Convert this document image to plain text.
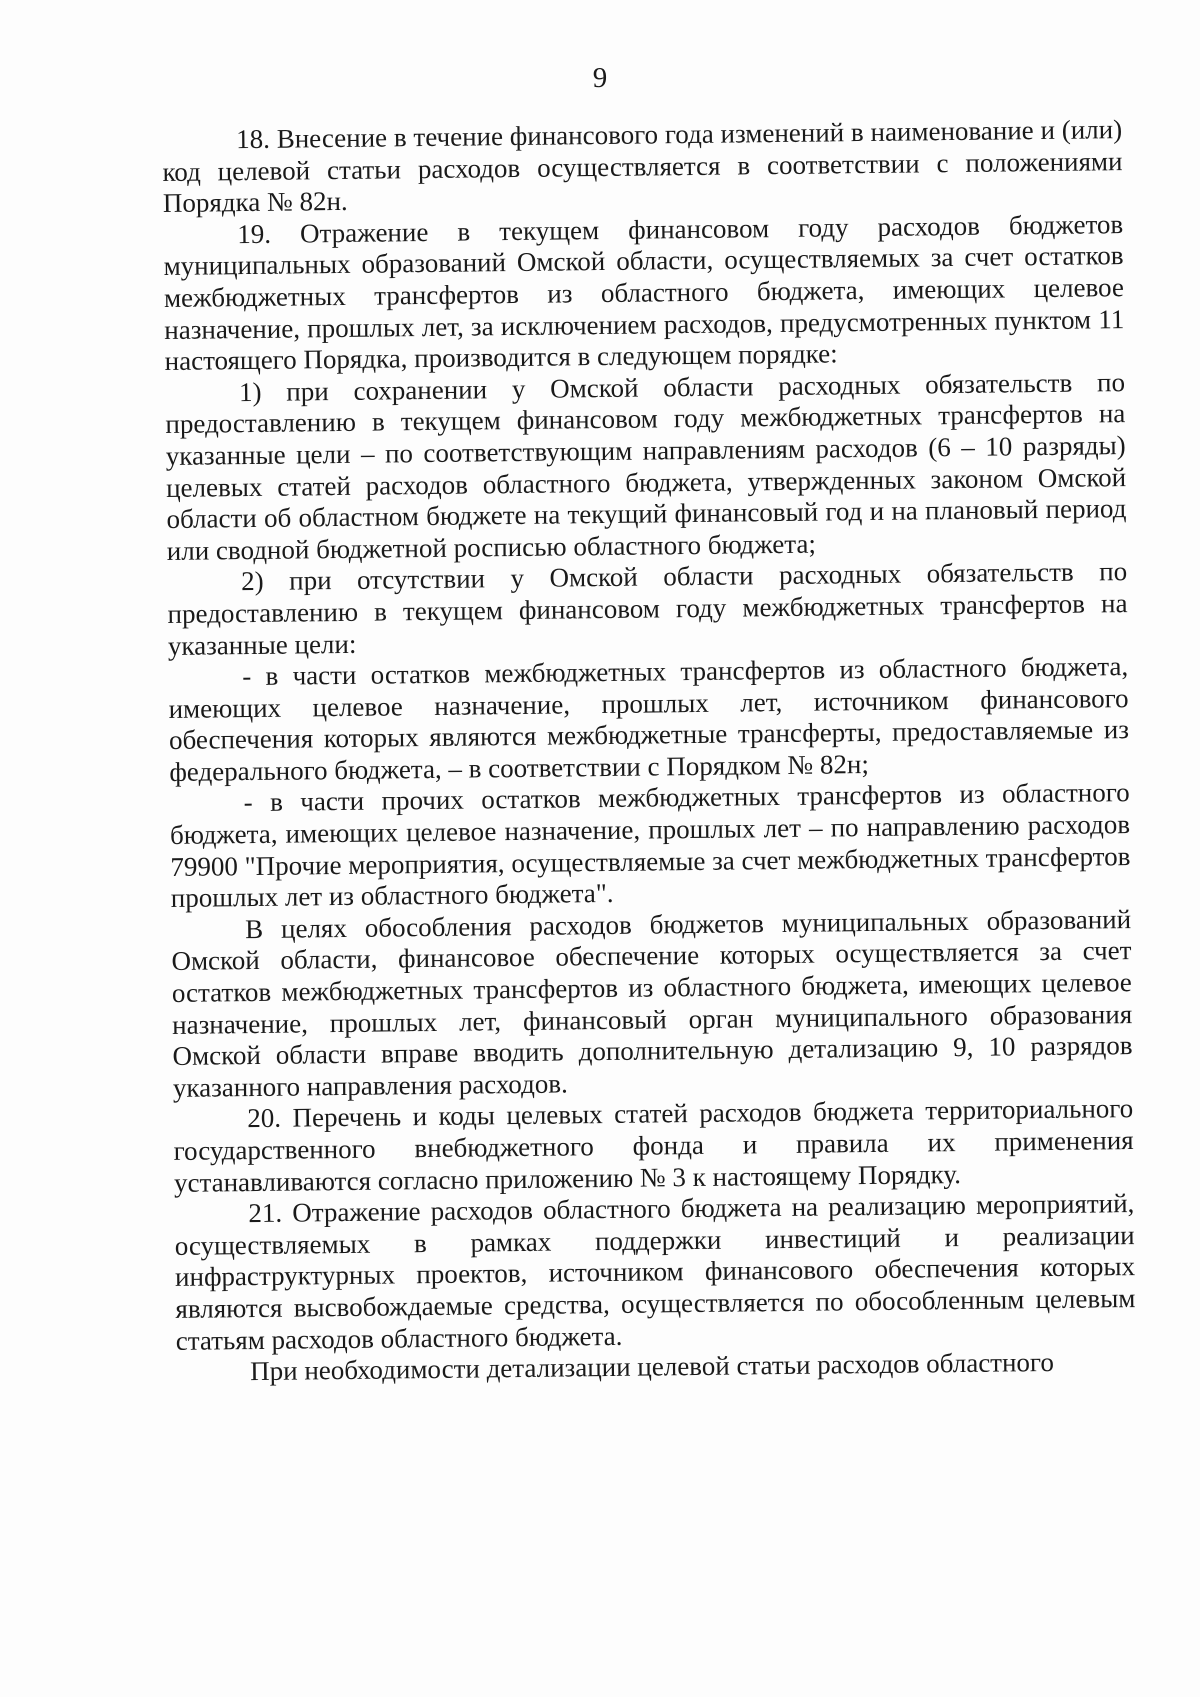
9

18. Внесение в течение финансового года изменений в наименование и (или) код целевой статьи расходов осуществляется в соответствии с положениями Порядка № 82н.

19. Отражение в текущем финансовом году расходов бюджетов муниципальных образований Омской области, осуществляемых за счет остатков межбюджетных трансфертов из областного бюджета, имеющих целевое назначение, прошлых лет, за исключением расходов, предусмотренных пунктом 11 настоящего Порядка, производится в следующем порядке:

1) при сохранении у Омской области расходных обязательств по предоставлению в текущем финансовом году межбюджетных трансфертов на указанные цели – по соответствующим направлениям расходов (6 – 10 разряды) целевых статей расходов областного бюджета, утвержденных законом Омской области об областном бюджете на текущий финансовый год и на плановый период или сводной бюджетной росписью областного бюджета;

2) при отсутствии у Омской области расходных обязательств по предоставлению в текущем финансовом году межбюджетных трансфертов на указанные цели:

- в части остатков межбюджетных трансфертов из областного бюджета, имеющих целевое назначение, прошлых лет, источником финансового обеспечения которых являются межбюджетные трансферты, предоставляемые из федерального бюджета, – в соответствии с Порядком № 82н;

- в части прочих остатков межбюджетных трансфертов из областного бюджета, имеющих целевое назначение, прошлых лет – по направлению расходов 79900 "Прочие мероприятия, осуществляемые за счет межбюджетных трансфертов прошлых лет из областного бюджета".

В целях обособления расходов бюджетов муниципальных образований Омской области, финансовое обеспечение которых осуществляется за счет остатков межбюджетных трансфертов из областного бюджета, имеющих целевое назначение, прошлых лет, финансовый орган муниципального образования Омской области вправе вводить дополнительную детализацию 9, 10 разрядов указанного направления расходов.

20. Перечень и коды целевых статей расходов бюджета территориального государственного внебюджетного фонда и правила их применения устанавливаются согласно приложению № 3 к настоящему Порядку.

21. Отражение расходов областного бюджета на реализацию мероприятий, осуществляемых в рамках поддержки инвестиций и реализации инфраструктурных проектов, источником финансового обеспечения которых являются высвобождаемые средства, осуществляется по обособленным целевым статьям расходов областного бюджета.

При необходимости детализации целевой статьи расходов областного
